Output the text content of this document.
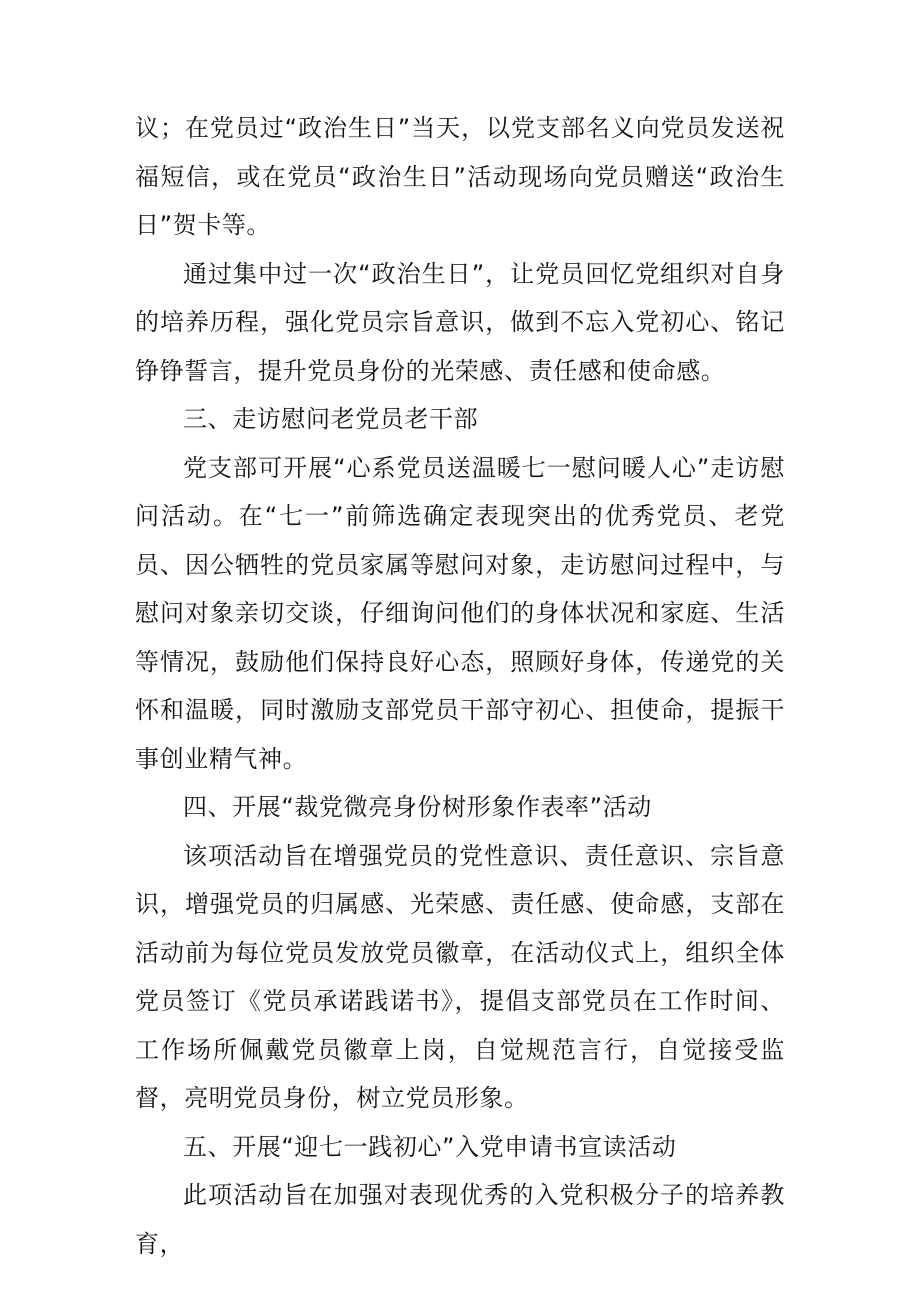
议；在党员过“政治生日”当天，以党支部名义向党员发送祝福短信，或在党员“政治生日”活动现场向党员赠送“政治生日”贺卡等。

通过集中过一次“政治生日”，让党员回忆党组织对自身的培养历程，强化党员宗旨意识，做到不忘入党初心、铭记铮铮誓言，提升党员身份的光荣感、责任感和使命感。

三、走访慰问老党员老干部

党支部可开展“心系党员送温暖七一慰问暖人心”走访慰问活动。在“七一”前筛选确定表现突出的优秀党员、老党员、因公牺牲的党员家属等慰问对象，走访慰问过程中，与慰问对象亲切交谈，仔细询问他们的身体状况和家庭、生活等情况，鼓励他们保持良好心态，照顾好身体，传递党的关怀和温暖，同时激励支部党员干部守初心、担使命，提振干事创业精气神。

四、开展“裁党微亮身份树形象作表率”活动

该项活动旨在增强党员的党性意识、责任意识、宗旨意识，增强党员的归属感、光荣感、责任感、使命感，支部在活动前为每位党员发放党员徽章，在活动仪式上，组织全体党员签订《党员承诺践诺书》，提倡支部党员在工作时间、工作场所佩戴党员徽章上岗，自觉规范言行，自觉接受监督，亮明党员身份，树立党员形象。

五、开展“迎七一践初心”入党申请书宣读活动

此项活动旨在加强对表现优秀的入党积极分子的培养教育，
